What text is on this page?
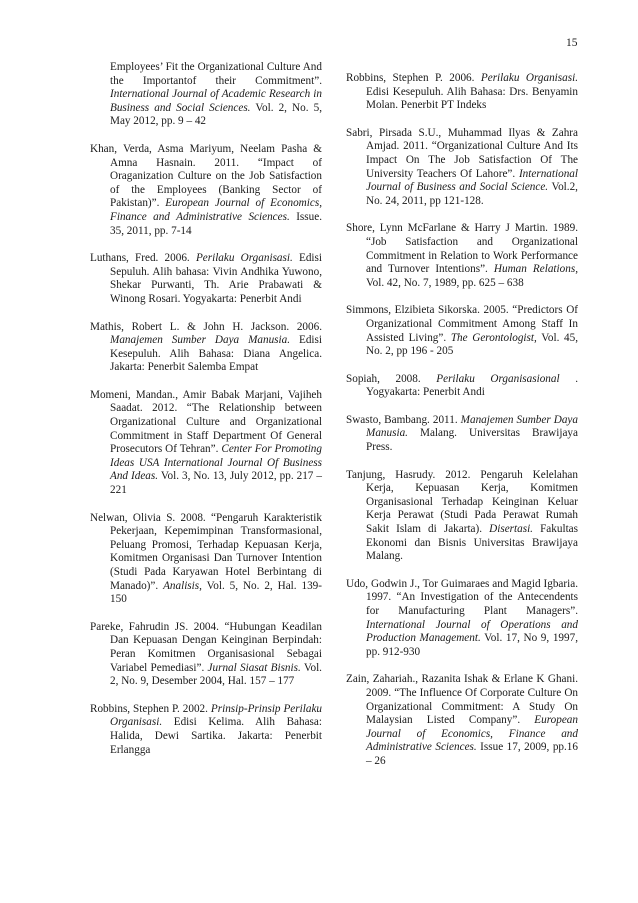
15

Employees’ Fit the Organizational Culture And the Importantof their Commitment”. International Journal of Academic Research in Business and Social Sciences. Vol. 2, No. 5, May 2012, pp. 9 – 42

Khan, Verda, Asma Mariyum, Neelam Pasha & Amna Hasnain. 2011. “Impact of Oraganization Culture on the Job Satisfaction of the Employees (Banking Sector of Pakistan)”. European Journal of Economics, Finance and Administrative Sciences. Issue. 35, 2011, pp. 7-14

Luthans, Fred. 2006. Perilaku Organisasi. Edisi Sepuluh. Alih bahasa: Vivin Andhika Yuwono, Shekar Purwanti, Th. Arie Prabawati & Winong Rosari. Yogyakarta: Penerbit Andi

Mathis, Robert L. & John H. Jackson. 2006. Manajemen Sumber Daya Manusia. Edisi Kesepuluh. Alih Bahasa: Diana Angelica. Jakarta: Penerbit Salemba Empat

Momeni, Mandan., Amir Babak Marjani, Vajiheh Saadat. 2012. “The Relationship between Organizational Culture and Organizational Commitment in Staff Department Of General Prosecutors Of Tehran”. Center For Promoting Ideas USA International Journal Of Business And Ideas. Vol. 3, No. 13, July 2012, pp. 217 – 221

Nelwan, Olivia S. 2008. “Pengaruh Karakteristik Pekerjaan, Kepemimpinan Transformasional, Peluang Promosi, Terhadap Kepuasan Kerja, Komitmen Organisasi Dan Turnover Intention (Studi Pada Karyawan Hotel Berbintang di Manado)”. Analisis, Vol. 5, No. 2, Hal. 139-150

Pareke, Fahrudin JS. 2004. “Hubungan Keadilan Dan Kepuasan Dengan Keinginan Berpindah: Peran Komitmen Organisasional Sebagai Variabel Pemediasi”. Jurnal Siasat Bisnis. Vol. 2, No. 9, Desember 2004, Hal. 157 – 177

Robbins, Stephen P. 2002. Prinsip-Prinsip Perilaku Organisasi. Edisi Kelima. Alih Bahasa: Halida, Dewi Sartika. Jakarta: Penerbit Erlangga

Robbins, Stephen P. 2006. Perilaku Organisasi. Edisi Kesepuluh. Alih Bahasa: Drs. Benyamin Molan. Penerbit PT Indeks

Sabri, Pirsada S.U., Muhammad Ilyas & Zahra Amjad. 2011. “Organizational Culture And Its Impact On The Job Satisfaction Of The University Teachers Of Lahore”. International Journal of Business and Social Science. Vol.2, No. 24, 2011, pp 121-128.

Shore, Lynn McFarlane & Harry J Martin. 1989. “Job Satisfaction and Organizational Commitment in Relation to Work Performance and Turnover Intentions”. Human Relations, Vol. 42, No. 7, 1989, pp. 625 – 638

Simmons, Elzibieta Sikorska. 2005. “Predictors Of Organizational Commitment Among Staff In Assisted Living”. The Gerontologist, Vol. 45, No. 2, pp 196 - 205

Sopiah, 2008. Perilaku Organisasional . Yogyakarta: Penerbit Andi

Swasto, Bambang. 2011. Manajemen Sumber Daya Manusia. Malang. Universitas Brawijaya Press.

Tanjung, Hasrudy. 2012. Pengaruh Kelelahan Kerja, Kepuasan Kerja, Komitmen Organisasional Terhadap Keinginan Keluar Kerja Perawat (Studi Pada Perawat Rumah Sakit Islam di Jakarta). Disertasi. Fakultas Ekonomi dan Bisnis Universitas Brawijaya Malang.

Udo, Godwin J., Tor Guimaraes and Magid Igbaria. 1997. “An Investigation of the Antecendents for Manufacturing Plant Managers”. International Journal of Operations and Production Management. Vol. 17, No 9, 1997, pp. 912-930

Zain, Zahariah., Razanita Ishak & Erlane K Ghani. 2009. “The Influence Of Corporate Culture On Organizational Commitment: A Study On Malaysian Listed Company”. European Journal of Economics, Finance and Administrative Sciences. Issue 17, 2009, pp.16 – 26
